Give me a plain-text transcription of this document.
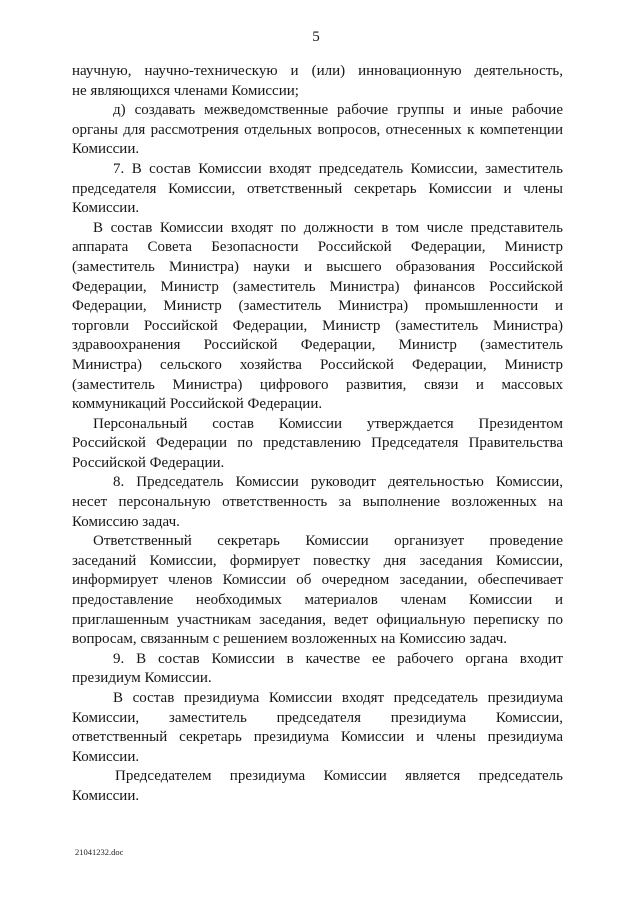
5
научную, научно-техническую и (или) инновационную деятельность,
не являющихся членами Комиссии;
д) создавать межведомственные рабочие группы и иные рабочие
органы для рассмотрения отдельных вопросов, отнесенных к компетенции
Комиссии.
7. В состав Комиссии входят председатель Комиссии, заместитель
председателя Комиссии, ответственный секретарь Комиссии и члены
Комиссии.
В состав Комиссии входят по должности в том числе представитель
аппарата Совета Безопасности Российской Федерации, Министр
(заместитель Министра) науки и высшего образования Российской
Федерации, Министр (заместитель Министра) финансов Российской
Федерации, Министр (заместитель Министра) промышленности и
торговли Российской Федерации, Министр (заместитель Министра)
здравоохранения Российской Федерации, Министр (заместитель
Министра) сельского хозяйства Российской Федерации, Министр
(заместитель Министра) цифрового развития, связи и массовых
коммуникаций Российской Федерации.
Персональный состав Комиссии утверждается Президентом
Российской Федерации по представлению Председателя Правительства
Российской Федерации.
8. Председатель Комиссии руководит деятельностью Комиссии,
несет персональную ответственность за выполнение возложенных на
Комиссию задач.
Ответственный секретарь Комиссии организует проведение
заседаний Комиссии, формирует повестку дня заседания Комиссии,
информирует членов Комиссии об очередном заседании, обеспечивает
предоставление необходимых материалов членам Комиссии и
приглашенным участникам заседания, ведет официальную переписку по
вопросам, связанным с решением возложенных на Комиссию задач.
9. В состав Комиссии в качестве ее рабочего органа входит
президиум Комиссии.
В состав президиума Комиссии входят председатель президиума
Комиссии, заместитель председателя президиума Комиссии,
ответственный секретарь президиума Комиссии и члены президиума
Комиссии.
Председателем президиума Комиссии является председатель
Комиссии.
21041232.doc
